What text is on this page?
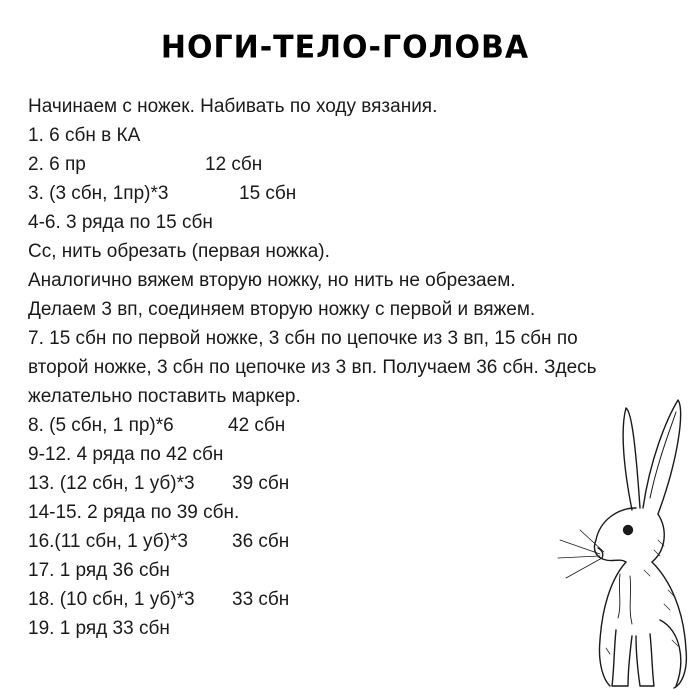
НОГИ-ТЕЛО-ГОЛОВА
Начинаем с ножек. Набивать по ходу вязания.
1. 6 сбн в КА
2. 6 пр	12 сбн
3. (3 сбн, 1пр)*3	15 сбн
4-6. 3 ряда по 15 сбн
Сс, нить обрезать (первая ножка).
Аналогично вяжем вторую ножку, но нить не обрезаем.
Делаем 3 вп, соединяем вторую ножку с первой и вяжем.
7. 15 сбн по первой ножке, 3 сбн по цепочке из 3 вп, 15 сбн по
второй ножке, 3 сбн по цепочке из 3 вп. Получаем 36 сбн. Здесь
желательно поставить маркер.
8. (5 сбн, 1 пр)*6	42 сбн
9-12. 4 ряда по 42 сбн
13. (12 сбн, 1 уб)*3 39 сбн
14-15. 2 ряда по 39 сбн.
16.(11 сбн, 1 уб)*3 36 сбн
17. 1 ряд 36 сбн
18. (10 сбн, 1 уб)*3 33 сбн
19. 1 ряд 33 сбн
